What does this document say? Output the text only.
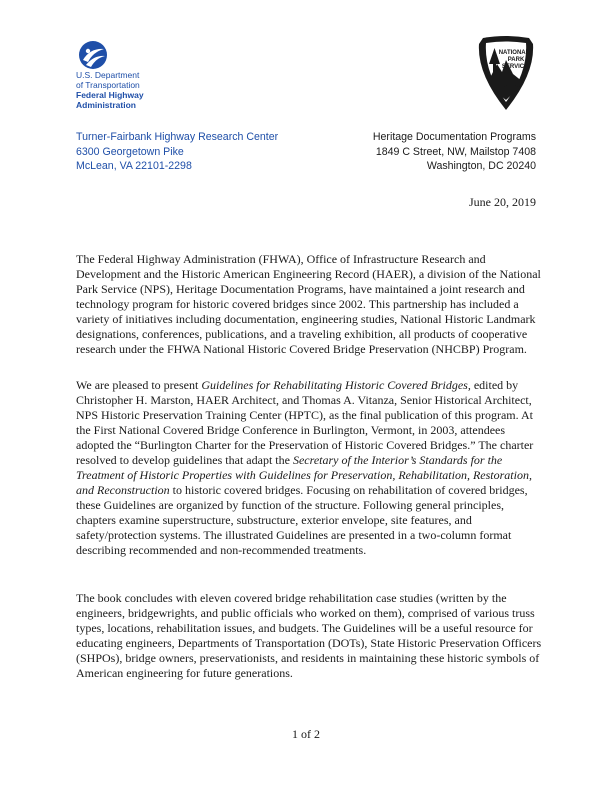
U.S. Department
of Transportation
Federal Highway
Administration
NATIONAL
PARK
SERVICE
Turner-Fairbank Highway Research Center
6300 Georgetown Pike
McLean, VA 22101-2298
Heritage Documentation Programs
1849 C Street, NW, Mailstop 7408
Washington, DC 20240
June 20, 2019
The Federal Highway Administration (FHWA), Office of Infrastructure Research and
Development and the Historic American Engineering Record (HAER), a division of the National
Park Service (NPS), Heritage Documentation Programs, have maintained a joint research and
technology program for historic covered bridges since 2002. This partnership has included a
variety of initiatives including documentation, engineering studies, National Historic Landmark
designations, conferences, publications, and a traveling exhibition, all products of cooperative
research under the FHWA National Historic Covered Bridge Preservation (NHCBP) Program.
We are pleased to present Guidelines for Rehabilitating Historic Covered Bridges, edited by
Christopher H. Marston, HAER Architect, and Thomas A. Vitanza, Senior Historical Architect,
NPS Historic Preservation Training Center (HPTC), as the final publication of this program. At
the First National Covered Bridge Conference in Burlington, Vermont, in 2003, attendees
adopted the “Burlington Charter for the Preservation of Historic Covered Bridges.” The charter
resolved to develop guidelines that adapt the Secretary of the Interior’s Standards for the
Treatment of Historic Properties with Guidelines for Preservation, Rehabilitation, Restoration,
and Reconstruction to historic covered bridges. Focusing on rehabilitation of covered bridges,
these Guidelines are organized by function of the structure. Following general principles,
chapters examine superstructure, substructure, exterior envelope, site features, and
safety/protection systems. The illustrated Guidelines are presented in a two-column format
describing recommended and non-recommended treatments.
The book concludes with eleven covered bridge rehabilitation case studies (written by the
engineers, bridgewrights, and public officials who worked on them), comprised of various truss
types, locations, rehabilitation issues, and budgets. The Guidelines will be a useful resource for
educating engineers, Departments of Transportation (DOTs), State Historic Preservation Officers
(SHPOs), bridge owners, preservationists, and residents in maintaining these historic symbols of
American engineering for future generations.
1 of 2
